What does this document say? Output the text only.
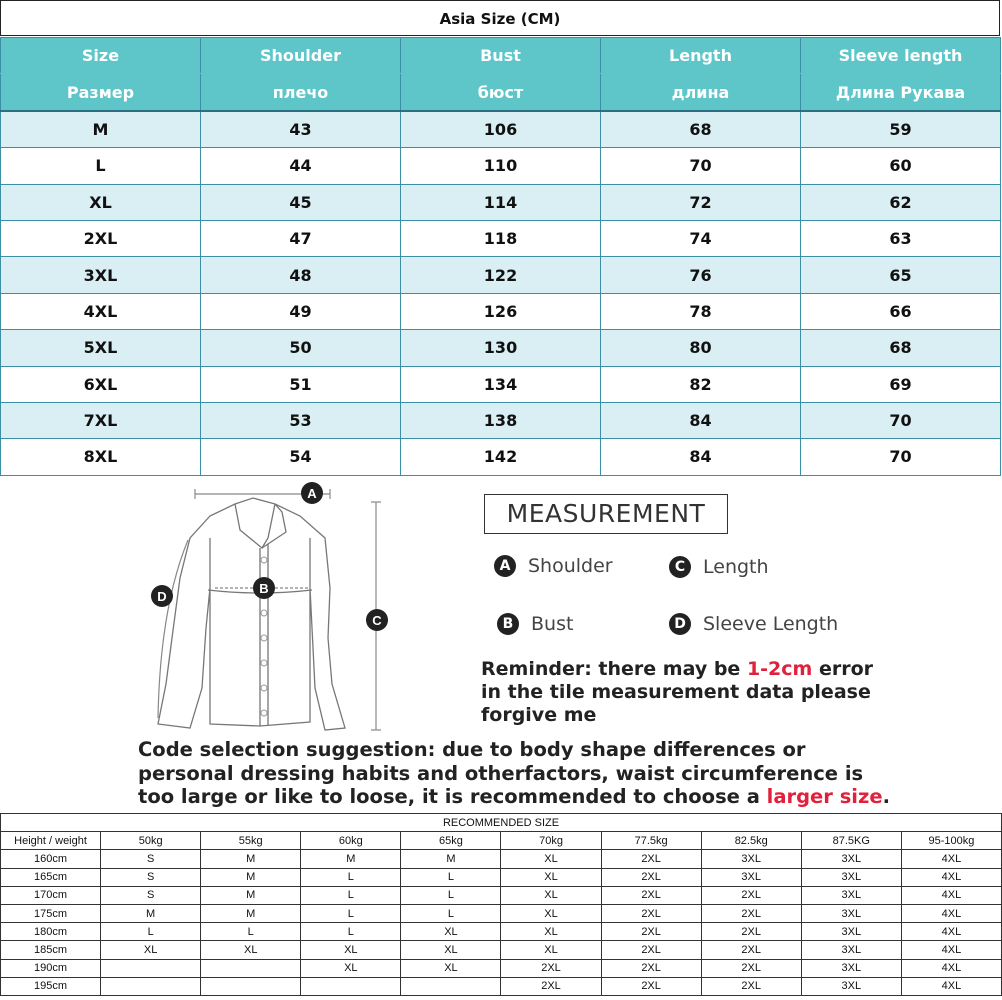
Asia Size (CM)
Size	Shoulder	Bust	Length	Sleeve length
Размер	плечо	бюст	длина	Длина Рукава
M	43	106	68	59
L	44	110	70	60
XL	45	114	72	62
2XL	47	118	74	63
3XL	48	122	76	65
4XL	49	126	78	66
5XL	50	130	80	68
6XL	51	134	82	69
7XL	53	138	84	70
8XL	54	142	84	70
A
B
C
D
MEASUREMENT
A Shoulder	C Length
B Bust	D Sleeve Length
Reminder: there may be 1-2cm error in the tile measurement data please forgive me
Code selection suggestion: due to body shape differences or personal dressing habits and otherfactors, waist circumference is too large or like to loose, it is recommended to choose a larger size.
RECOMMENDED SIZE									
Height / weight	50kg	55kg	60kg	65kg	70kg	77.5kg	82.5kg	87.5KG	95-100kg
160cm	S	M	M	M	XL	2XL	3XL	3XL	4XL
165cm	S	M	L	L	XL	2XL	3XL	3XL	4XL
170cm	S	M	L	L	XL	2XL	2XL	3XL	4XL
175cm	M	M	L	L	XL	2XL	2XL	3XL	4XL
180cm	L	L	L	XL	XL	2XL	2XL	3XL	4XL
185cm	XL	XL	XL	XL	XL	2XL	2XL	3XL	4XL
190cm			XL	XL	2XL	2XL	2XL	3XL	4XL
195cm					2XL	2XL	2XL	3XL	4XL
